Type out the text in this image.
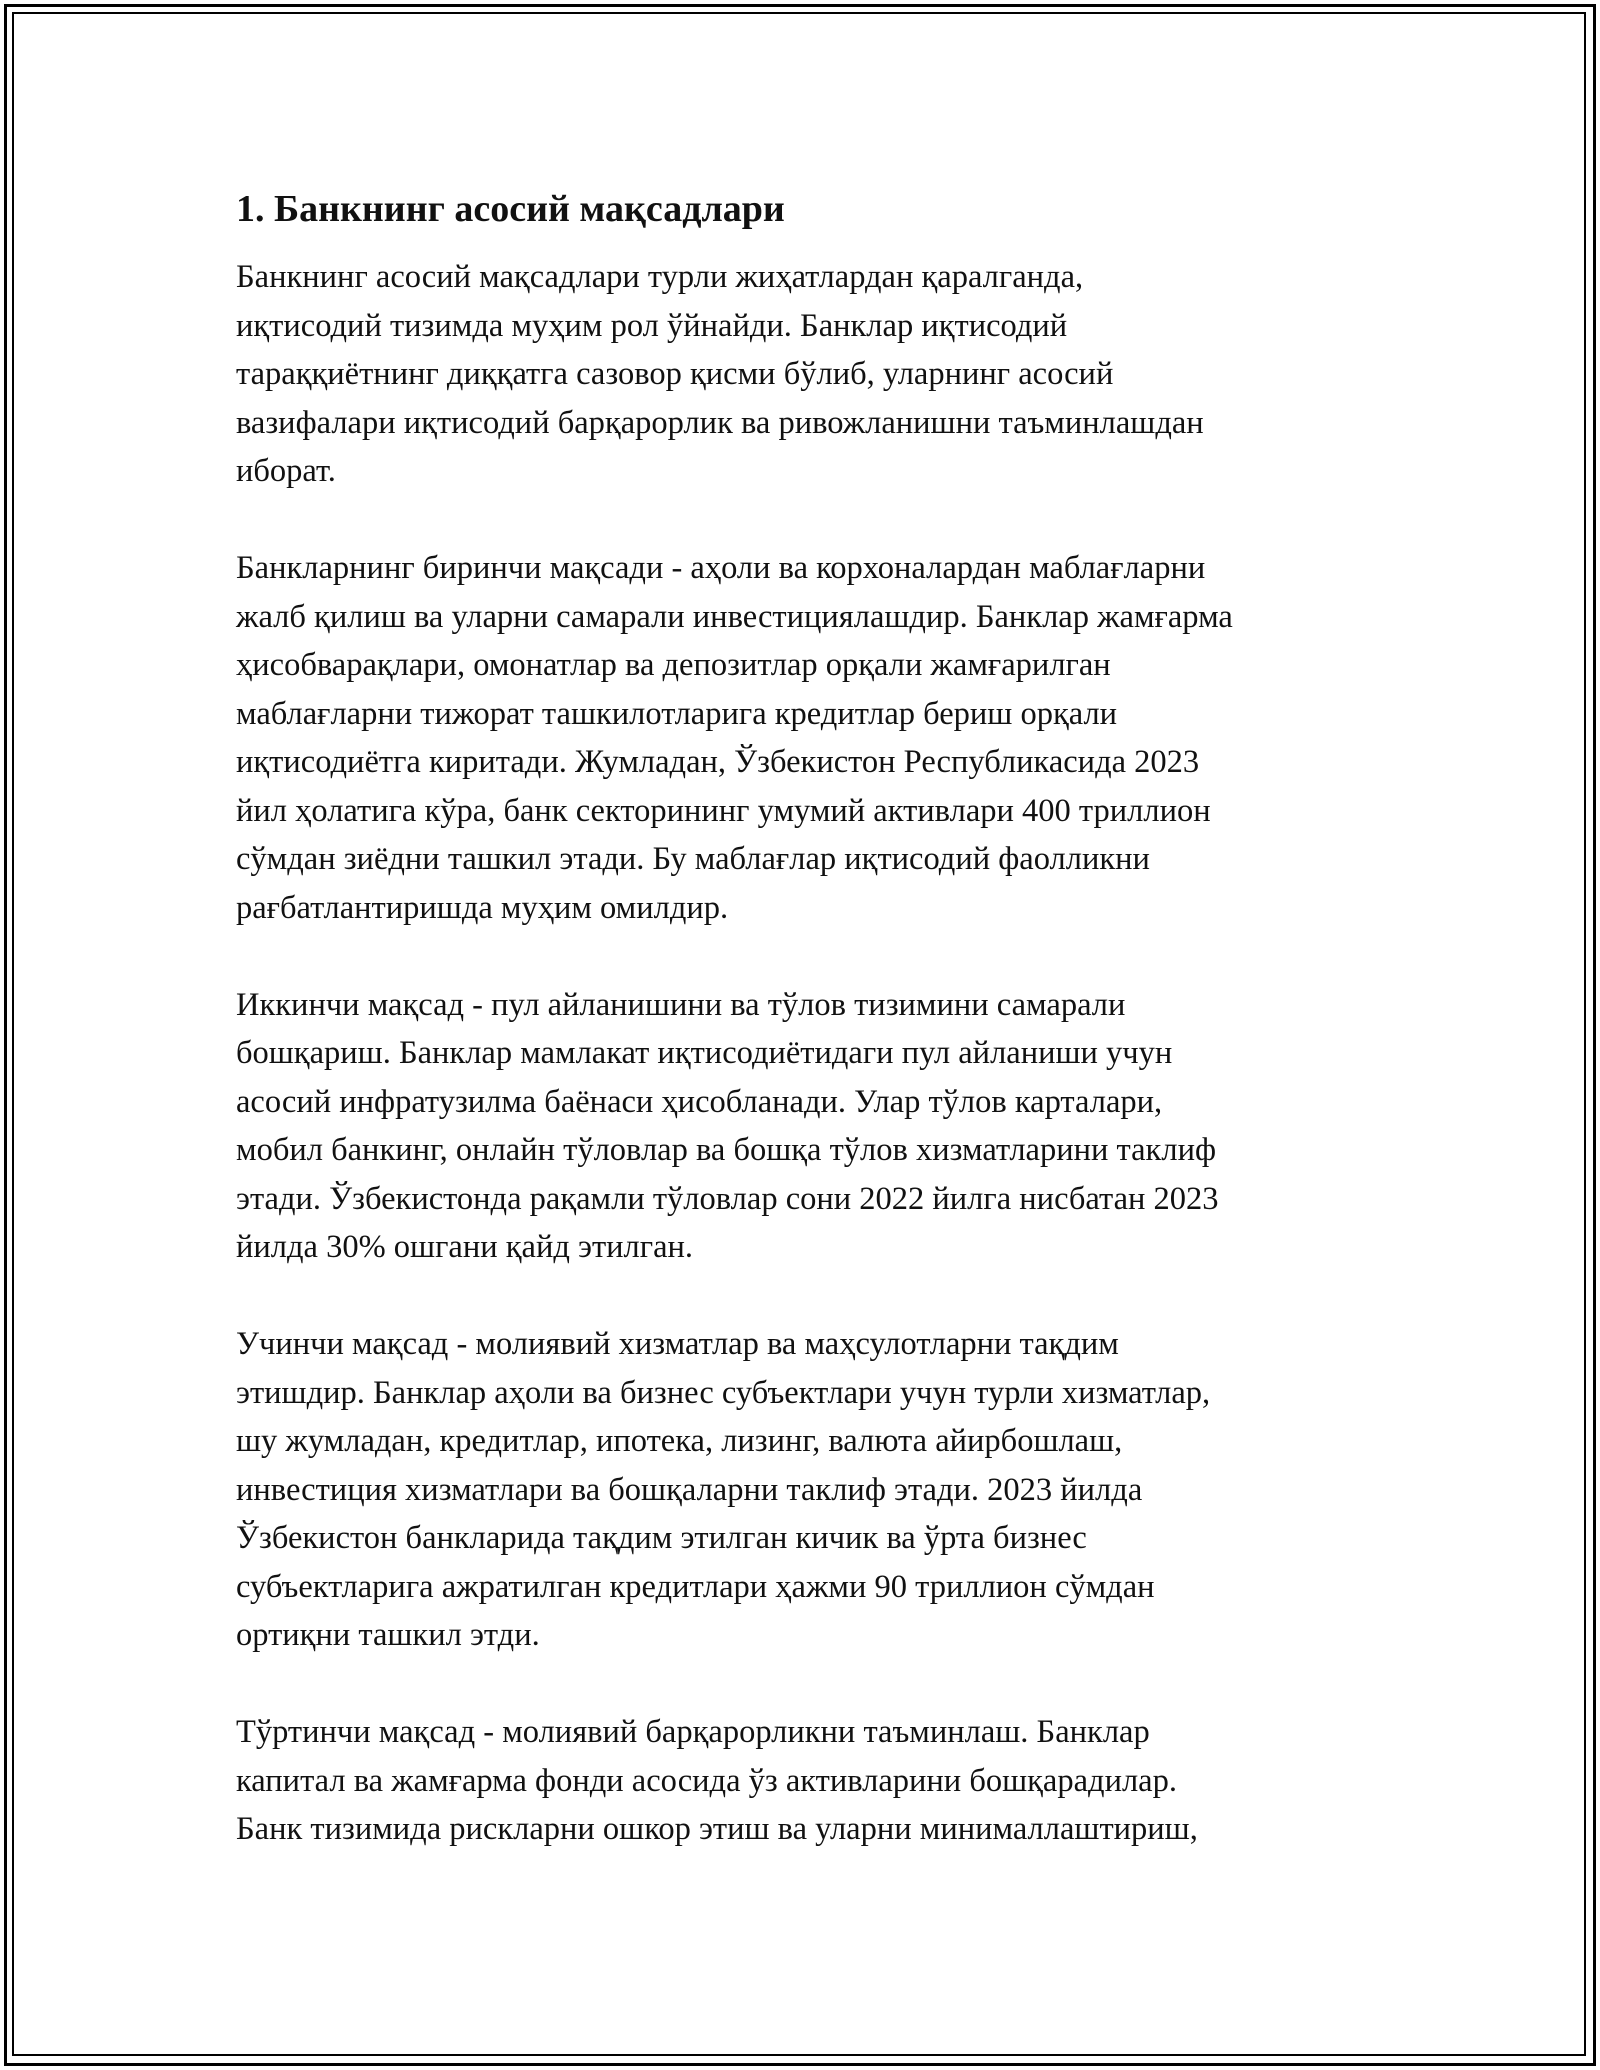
1. Банкнинг асосий мақсадлари

Банкнинг асосий мақсадлари турли жиҳатлардан қаралганда,
иқтисодий тизимда муҳим рол ўйнайди. Банклар иқтисодий
тараққиётнинг диққатга сазовор қисми бўлиб, уларнинг асосий
вазифалари иқтисодий барқарорлик ва ривожланишни таъминлашдан
иборат.

Банкларнинг биринчи мақсади - аҳоли ва корхоналардан маблағларни
жалб қилиш ва уларни самарали инвестициялашдир. Банклар жамғарма
ҳисобварақлари, омонатлар ва депозитлар орқали жамғарилган
маблағларни тижорат ташкилотларига кредитлар бериш орқали
иқтисодиётга киритади. Жумладан, Ўзбекистон Республикасида 2023
йил ҳолатига кўра, банк секторининг умумий активлари 400 триллион
сўмдан зиёдни ташкил этади. Бу маблағлар иқтисодий фаолликни
рағбатлантиришда муҳим омилдир.

Иккинчи мақсад - пул айланишини ва тўлов тизимини самарали
бошқариш. Банклар мамлакат иқтисодиётидаги пул айланиши учун
асосий инфратузилма баёнаси ҳисобланади. Улар тўлов карталари,
мобил банкинг, онлайн тўловлар ва бошқа тўлов хизматларини таклиф
этади. Ўзбекистонда рақамли тўловлар сони 2022 йилга нисбатан 2023
йилда 30% ошгани қайд этилган.

Учинчи мақсад - молиявий хизматлар ва маҳсулотларни тақдим
этишдир. Банклар аҳоли ва бизнес субъектлари учун турли хизматлар,
шу жумладан, кредитлар, ипотека, лизинг, валюта айирбошлаш,
инвестиция хизматлари ва бошқаларни таклиф этади. 2023 йилда
Ўзбекистон банкларида тақдим этилган кичик ва ўрта бизнес
субъектларига ажратилган кредитлари ҳажми 90 триллион сўмдан
ортиқни ташкил этди.

Тўртинчи мақсад - молиявий барқарорликни таъминлаш. Банклар
капитал ва жамғарма фонди асосида ўз активларини бошқарадилар.
Банк тизимида рискларни ошкор этиш ва уларни минималлаштириш,
